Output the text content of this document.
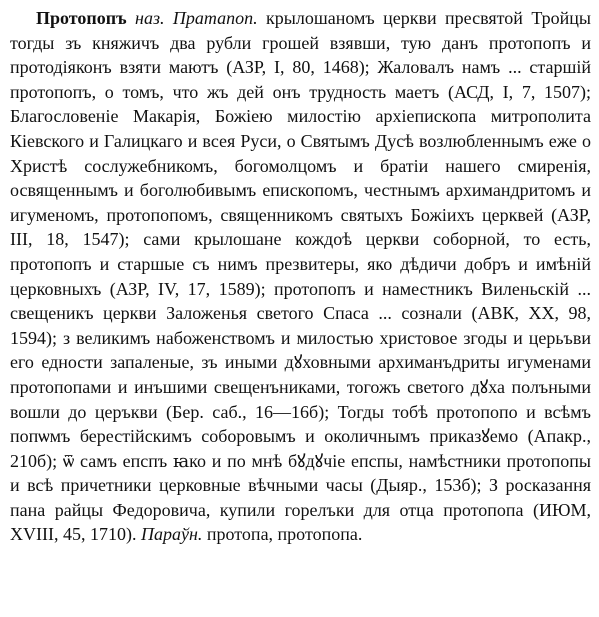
Протопопъ наз. Пратапоп. крылошаномъ церкви пресвятой Тройцы тогды зъ княжичъ два рубли грошей взявши, тую данъ протопопъ и протодіяконъ взяти маютъ (АЗР, І, 80, 1468); Жаловалъ намъ ... старшій протопопъ, о томъ, что жъ дей онъ трудность маетъ (АСД, І, 7, 1507); Благословеніе Макарія, Божіею милостію архіепископа митрополита Кіевского и Галицкаго и всея Руси, о Святымъ Дусѣ возлюбленнымъ еже о Христѣ сослужебникомъ, богомолцомъ и братіи нашего смиренія, освященнымъ и боголюбивымъ епископомъ, честнымъ архимандритомъ и игуменомъ, протопопомъ, священникомъ святыхъ Божіихъ церквей (АЗР, III, 18, 1547); сами крылошане кождоѣ церкви соборной, то есть, протопопъ и старшые съ нимъ презвитеры, яко дѣдичи добръ и имѣній церковныхъ (АЗР, IV, 17, 1589); протопопъ и наместникъ Виленьскій ... свещеникъ церкви Заложенья светого Спаса ... сознали (АВК, XX, 98, 1594); з великимъ набоженствомъ и милостью христовое згоды и церьъви его едности запаленые, зъ иными дꙋховными архиманъдриты игуменами протопопами и инъшими свещенъниками, тогожъ светого дꙋха полъными вошли до церъкви (Бер. саб., 16—16б); Тогды тобѣ протопопо и всѣмъ попѡмъ берестійскимъ соборовымъ и околичнымъ приказꙋемо (Апакр., 210б); ѿ самъ епспъ ꙗко и по мнѣ бꙋдꙋчіе епспы, намѣстники протопопы и всѣ причетники церковные вѣчными часы (Дыяр., 153б); З росказання пана райцы Федоровича, купили горелъки для отца протопопа (ИЮМ, XVIII, 45, 1710). Параўн. протопа, протопопа.
